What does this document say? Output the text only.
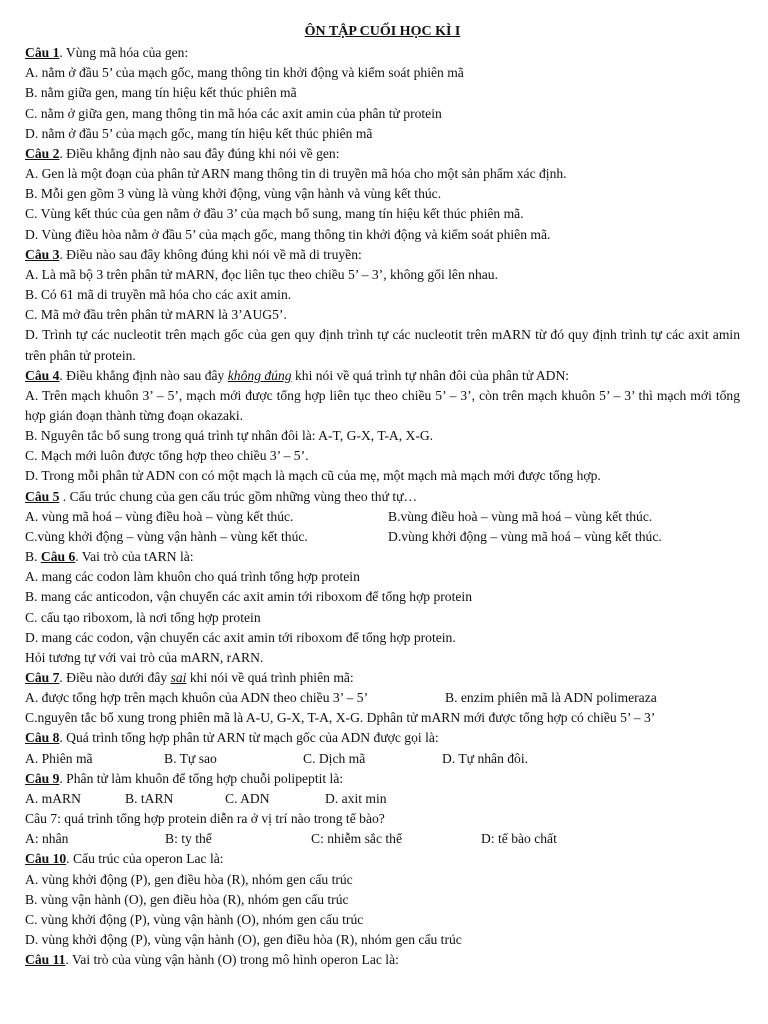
ÔN TẬP CUỐI HỌC KÌ I
Câu 1. Vùng mã hóa của gen:
A. nằm ở đầu 5’ của mạch gốc, mang thông tin khởi động và kiểm soát phiên mã
B. nằm giữa gen, mang tín hiệu kết thúc phiên mã
C. nằm ở giữa gen, mang thông tin mã hóa các axit amin của phân tử protein
D. nằm ở đầu 5’ của mạch gốc, mang tín hiệu kết thúc phiên mã
Câu 2. Điều khẳng định nào sau đây đúng khi nói về gen:
A. Gen là một đoạn của phân tử ARN mang thông tin di truyền mã hóa cho một sản phẩm xác định.
B. Mỗi gen gồm 3 vùng là vùng khởi động, vùng vận hành và vùng kết thúc.
C. Vùng kết thúc của gen nằm ở đầu 3’ của mạch bổ sung, mang tín hiệu kết thúc phiên mã.
D. Vùng điều hòa nằm ở đầu 5’ của mạch gốc, mang thông tin khởi động và kiểm soát phiên mã.
Câu 3. Điều nào sau đây không đúng khi nói về mã di truyền:
A. Là mã bộ 3 trên phân tử mARN, đọc liên tục theo chiều 5’ – 3’, không gối lên nhau.
B. Có 61 mã di truyền mã hóa cho các axit amin.
C. Mã mở đầu trên phân tử mARN là 3’AUG5’.
D. Trình tự các nucleotit trên mạch gốc của gen quy định trình tự các nucleotit trên mARN từ đó quy định trình tự các axit amin trên phân tử protein.
Câu 4. Điều khẳng định nào sau đây không đúng khi nói về quá trình tự nhân đôi của phân tử ADN:
A. Trên mạch khuôn 3’ – 5’, mạch mới được tổng hợp liên tục theo chiều 5’ – 3’, còn trên mạch khuôn 5’ – 3’ thì mạch mới tổng hợp gián đoạn thành từng đoạn okazaki.
B. Nguyên tắc bổ sung trong quá trình tự nhân đôi là: A-T, G-X, T-A, X-G.
C. Mạch mới luôn được tổng hợp theo chiều 3’ – 5’.
D. Trong mỗi phân tử ADN con có một mạch là mạch cũ của mẹ, một mạch mà mạch mới được tổng hợp.
Câu 5 . Cấu trúc chung của gen cấu trúc gồm những vùng theo thứ tự…
A. vùng mã hoá – vùng điều hoà – vùng kết thúc.	B.vùng điều hoà – vùng mã hoá – vùng kết thúc.
C.vùng khởi động – vùng vận hành – vùng kết thúc.	D.vùng khởi động – vùng mã hoá – vùng kết thúc.
B. Câu 6. Vai trò của tARN là:
A. mang các codon làm khuôn cho quá trình tổng hợp protein
B. mang các anticodon, vận chuyển các axit amin tới riboxom để tổng hợp protein
C. cấu tạo riboxom, là nơi tổng hợp protein
D. mang các codon, vận chuyển các axit amin tới riboxom để tổng hợp protein.
Hỏi tương tự với vai trò của mARN, rARN.
Câu 7. Điều nào dưới đây sai khi nói về quá trình phiên mã:
A. được tổng hợp trên mạch khuôn của ADN theo chiều 3’ – 5’	B. enzim phiên mã là ADN polimeraza
C.nguyên tắc bổ xung trong phiên mã là A-U, G-X, T-A, X-G. Dphân tử mARN mới được tổng hợp có chiều 5’ – 3’
Câu 8. Quá trình tổng hợp phân tử ARN từ mạch gốc của ADN được gọi là:
A. Phiên mã	B. Tự sao	C. Dịch mã	D. Tự nhân đôi.
Câu 9. Phân tử làm khuôn để tổng hợp chuỗi polipeptit là:
A. mARN	B. tARN	C. ADN	D. axit min
Câu 7: quá trình tổng hợp protein diễn ra ở vị trí nào trong tế bào?
A: nhân	B: ty thể	C: nhiễm sắc thể	D: tế bào chất
Câu 10. Cấu trúc của operon Lac là:
A. vùng khởi động (P), gen điều hòa (R), nhóm gen cấu trúc
B. vùng vận hành (O), gen điều hòa (R), nhóm gen cấu trúc
C. vùng khởi động (P), vùng vận hành (O), nhóm gen cấu trúc
D. vùng khởi động (P), vùng vận hành (O), gen điều hòa (R), nhóm gen cấu trúc
Câu 11. Vai trò của vùng vận hành (O) trong mô hình operon Lac là:
